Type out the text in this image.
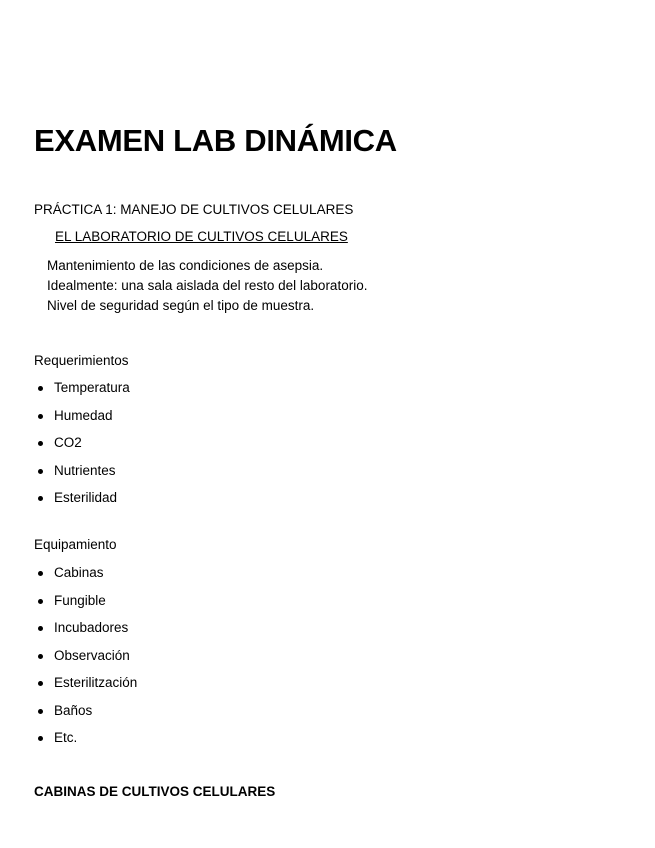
EXAMEN LAB DINÁMICA
PRÁCTICA 1: MANEJO DE CULTIVOS CELULARES
EL LABORATORIO DE CULTIVOS CELULARES
Mantenimiento de las condiciones de asepsia.
Idealmente: una sala aislada del resto del laboratorio.
Nivel de seguridad según el tipo de muestra.
Requerimientos
Temperatura
Humedad
CO2
Nutrientes
Esterilidad
Equipamiento
Cabinas
Fungible
Incubadores
Observación
Esterilitzación
Baños
Etc.
CABINAS DE CULTIVOS CELULARES
